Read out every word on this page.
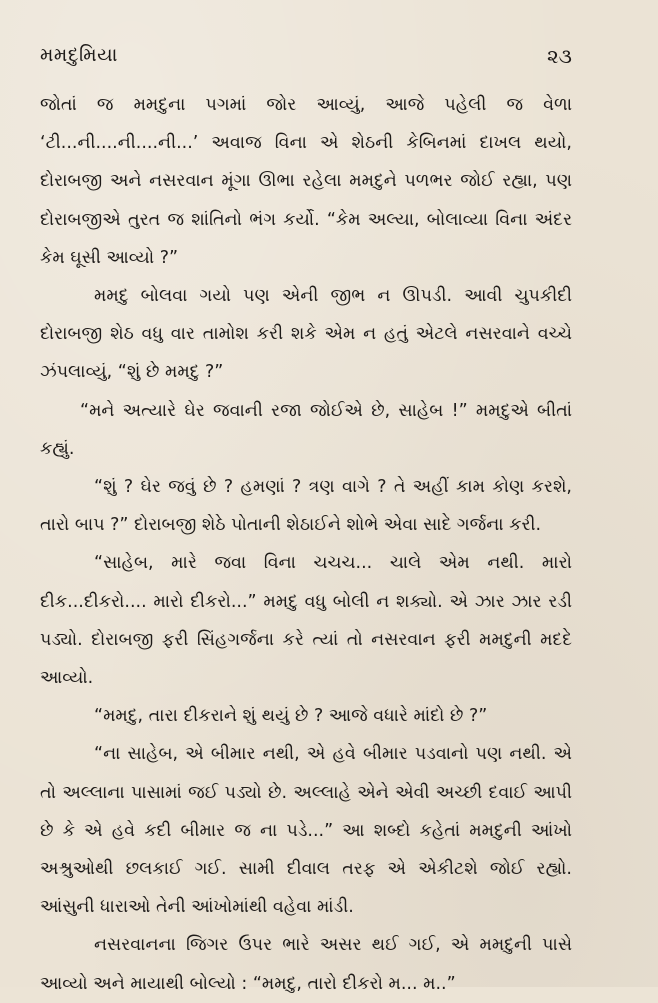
મમદુમિયા	૨૩

જોતાં જ મમદુના પગમાં જોર આવ્યું, આજે પહેલી જ વેળા ‘ટી...ની....ની....ની...’ અવાજ વિના એ શેઠની કેબિનમાં દાખલ થયો, દોરાબજી અને નસરવાન મૂંગા ઊભા રહેલા મમદુને પળભર જોઈ રહ્યા, પણ દોરાબજીએ તુરત જ શાંતિનો ભંગ કર્યો. “કેમ અલ્યા, બોલાવ્યા વિના અંદર કેમ ઘૂસી આવ્યો ?”

મમદુ બોલવા ગયો પણ એની જીભ ન ઊપડી. આવી ચુપકીદી દોરાબજી શેઠ વધુ વાર તામોશ કરી શકે એમ ન હતું એટલે નસરવાને વચ્ચે ઝંપલાવ્યું, “શું છે મમદુ ?”

“મને અત્યારે ઘેર જવાની રજા જોઈએ છે, સાહેબ !” મમદુએ બીતાં કહ્યું.

“શું ? ઘેર જવું છે ? હમણાં ? ત્રણ વાગે ? તે અહીં કામ કોણ કરશે, તારો બાપ ?” દોરાબજી શેઠે પોતાની શેઠાઈને શોભે એવા સાદે ગર્જના કરી.

“સાહેબ, મારે જવા વિના ચચચ... ચાલે એમ નથી. મારો દીક...દીકરો.... મારો દીકરો...” મમદુ વધુ બોલી ન શક્યો. એ ઝાર ઝાર રડી પડ્યો. દોરાબજી ફરી સિંહગર્જના કરે ત્યાં તો નસરવાન ફરી મમદુની મદદે આવ્યો.

“મમદુ, તારા દીકરાને શું થયું છે ? આજે વધારે માંદો છે ?”

“ના સાહેબ, એ બીમાર નથી, એ હવે બીમાર પડવાનો પણ નથી. એ તો અલ્લાના પાસામાં જઈ પડ્યો છે. અલ્લાહે એને એવી અચ્છી દવાઈ આપી છે કે એ હવે કદી બીમાર જ ના પડે...” આ શબ્દો કહેતાં મમદુની આંખો અશ્રુઓથી છલકાઈ ગઈ. સામી દીવાલ તરફ એ એકીટશે જોઈ રહ્યો. આંસુની ધારાઓ તેની આંખોમાંથી વહેવા માંડી.

નસરવાનના જિગર ઉપર ભારે અસર થઈ ગઈ, એ મમદુની પાસે આવ્યો અને માયાથી બોલ્યો : “મમદુ, તારો દીકરો મ... મ..”
